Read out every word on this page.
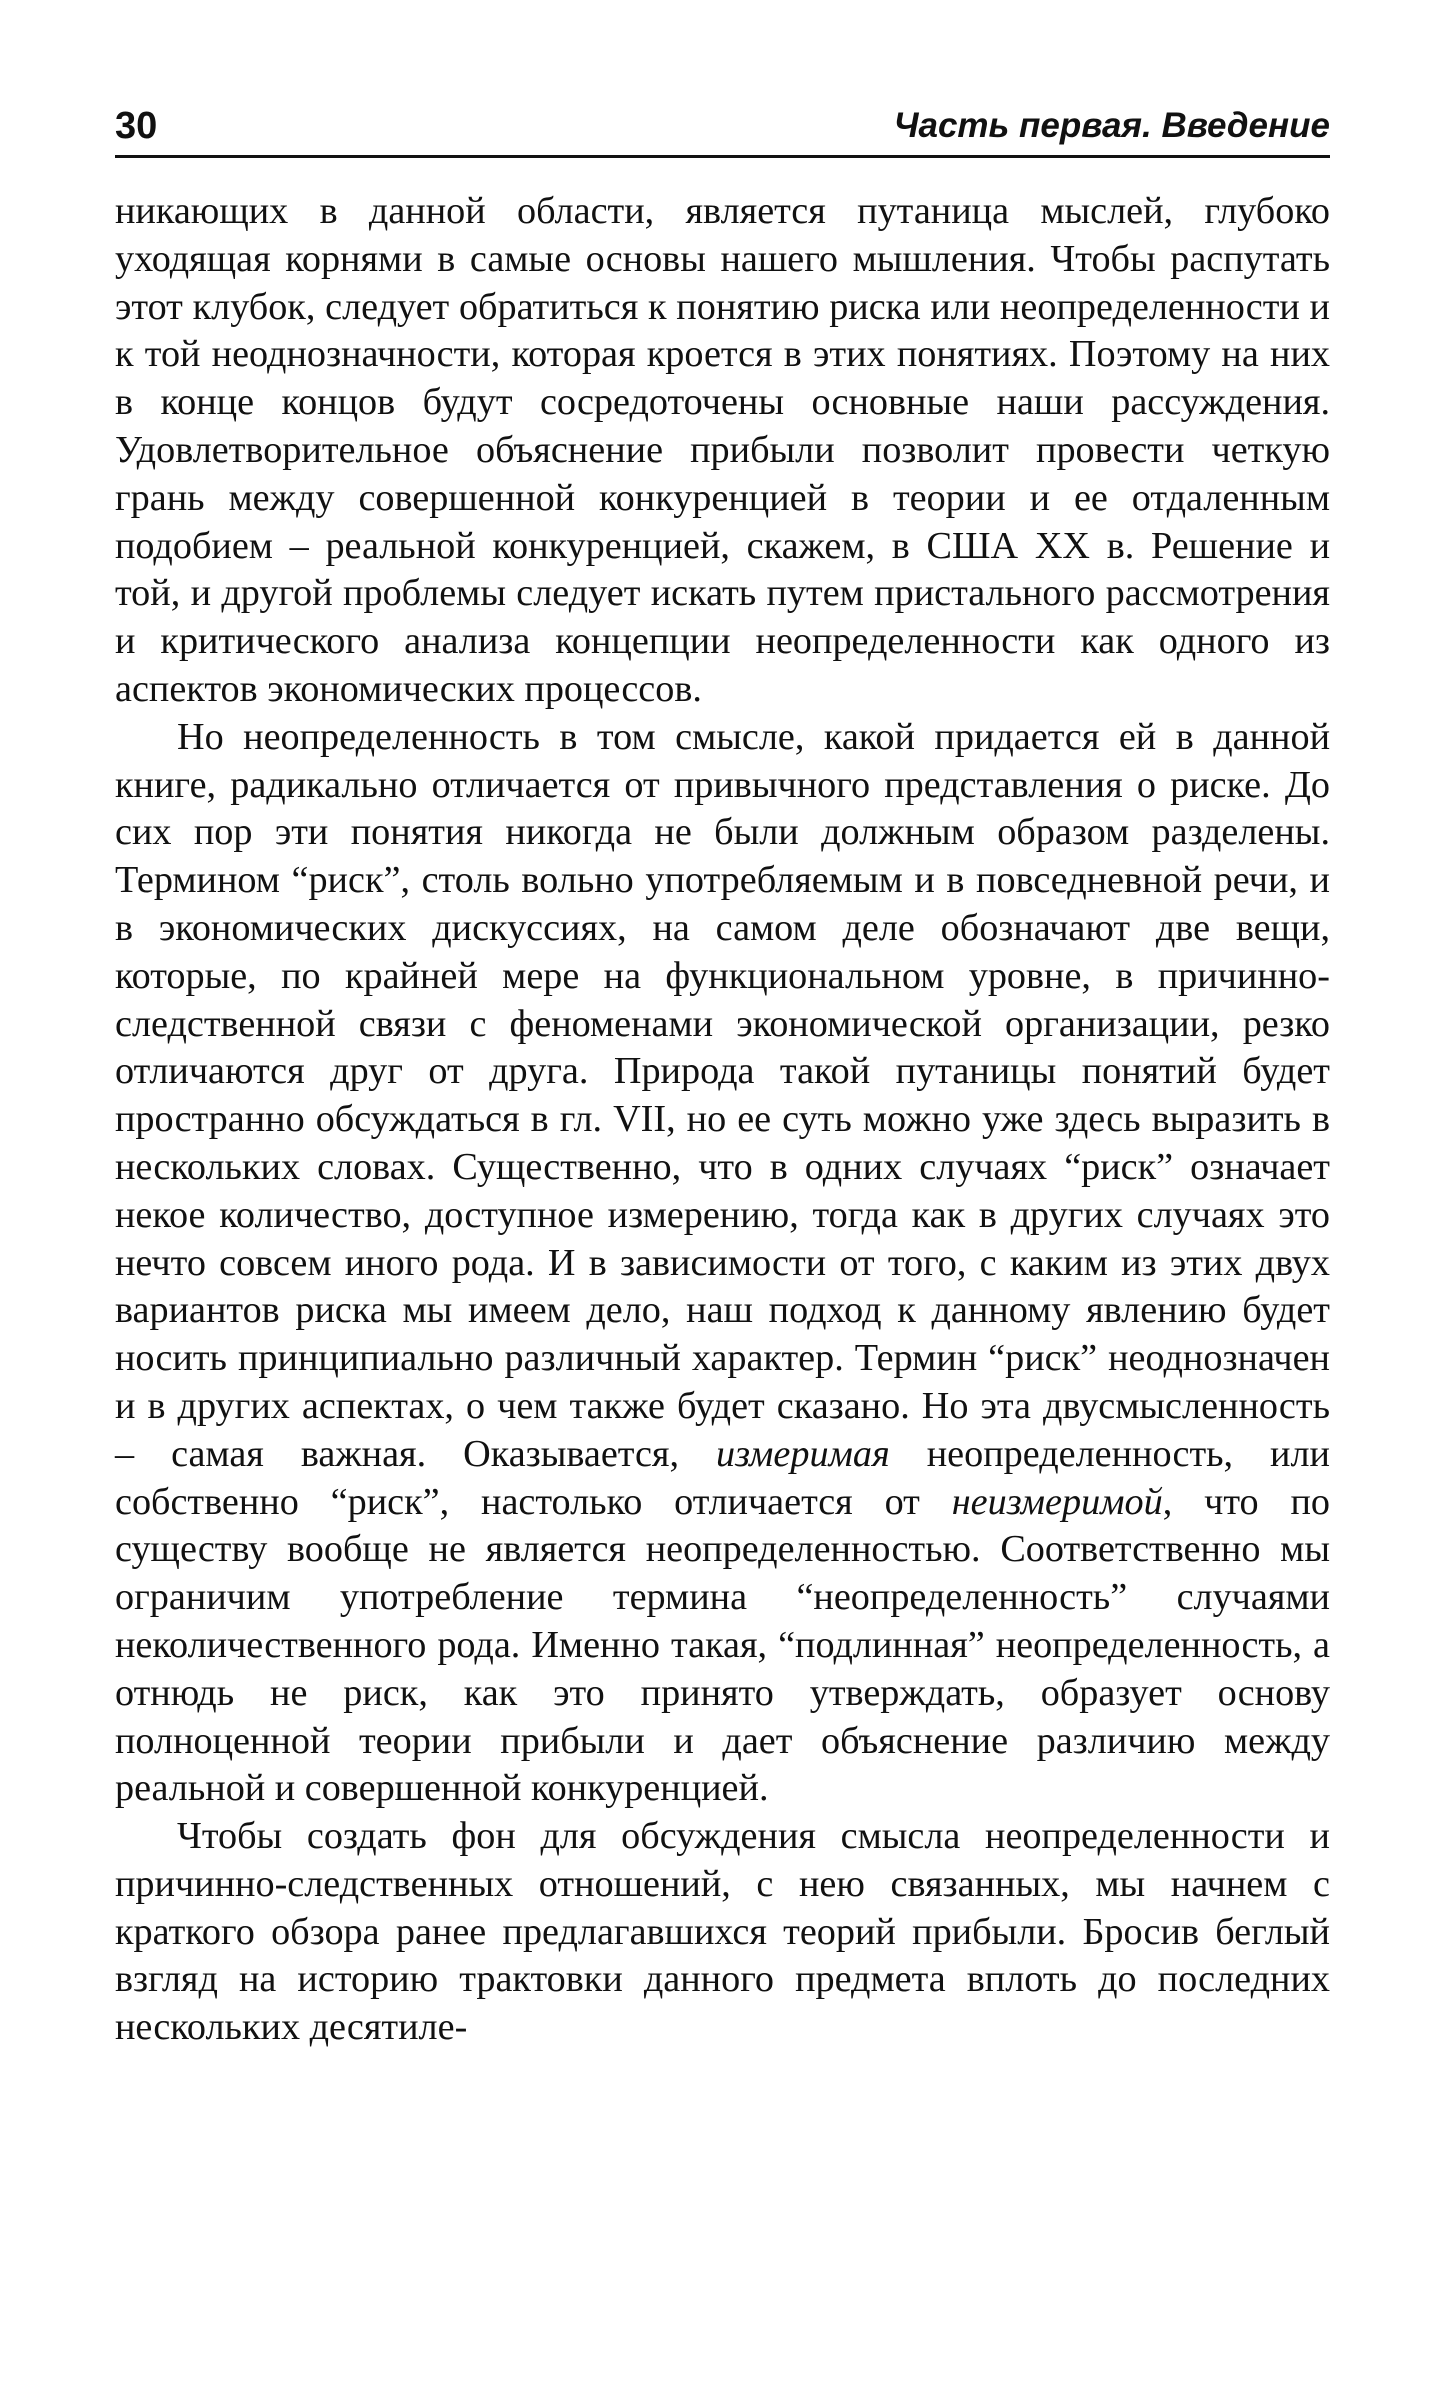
30	Часть первая. Введение

никающих в данной области, является путаница мыслей, глубоко уходящая корнями в самые основы нашего мышления. Чтобы распутать этот клубок, следует обратиться к понятию риска или неопределенности и к той неоднозначности, которая кроется в этих понятиях. Поэтому на них в конце концов будут сосредоточены основные наши рассуждения. Удовлетворительное объяснение прибыли позволит провести четкую грань между совершенной конкуренцией в теории и ее отдаленным подобием – реальной конкуренцией, скажем, в США XX в. Решение и той, и другой проблемы следует искать путем пристального рассмотрения и критического анализа концепции неопределенности как одного из аспектов экономических процессов.

Но неопределенность в том смысле, какой придается ей в данной книге, радикально отличается от привычного представления о риске. До сих пор эти понятия никогда не были должным образом разделены. Термином “риск”, столь вольно употребляемым и в повседневной речи, и в экономических дискуссиях, на самом деле обозначают две вещи, которые, по крайней мере на функциональном уровне, в причинно-следственной связи с феноменами экономической организации, резко отличаются друг от друга. Природа такой путаницы понятий будет пространно обсуждаться в гл. VII, но ее суть можно уже здесь выразить в нескольких словах. Существенно, что в одних случаях “риск” означает некое количество, доступное измерению, тогда как в других случаях это нечто совсем иного рода. И в зависимости от того, с каким из этих двух вариантов риска мы имеем дело, наш подход к данному явлению будет носить принципиально различный характер. Термин “риск” неоднозначен и в других аспектах, о чем также будет сказано. Но эта двусмысленность – самая важная. Оказывается, измеримая неопределенность, или собственно “риск”, настолько отличается от неизмеримой, что по существу вообще не является неопределенностью. Соответственно мы ограничим употребление термина “неопределенность” случаями неколичественного рода. Именно такая, “подлинная” неопределенность, а отнюдь не риск, как это принято утверждать, образует основу полноценной теории прибыли и дает объяснение различию между реальной и совершенной конкуренцией.

Чтобы создать фон для обсуждения смысла неопределенности и причинно-следственных отношений, с нею связанных, мы начнем с краткого обзора ранее предлагавшихся теорий прибыли. Бросив беглый взгляд на историю трактовки данного предмета вплоть до последних нескольких десятиле-
